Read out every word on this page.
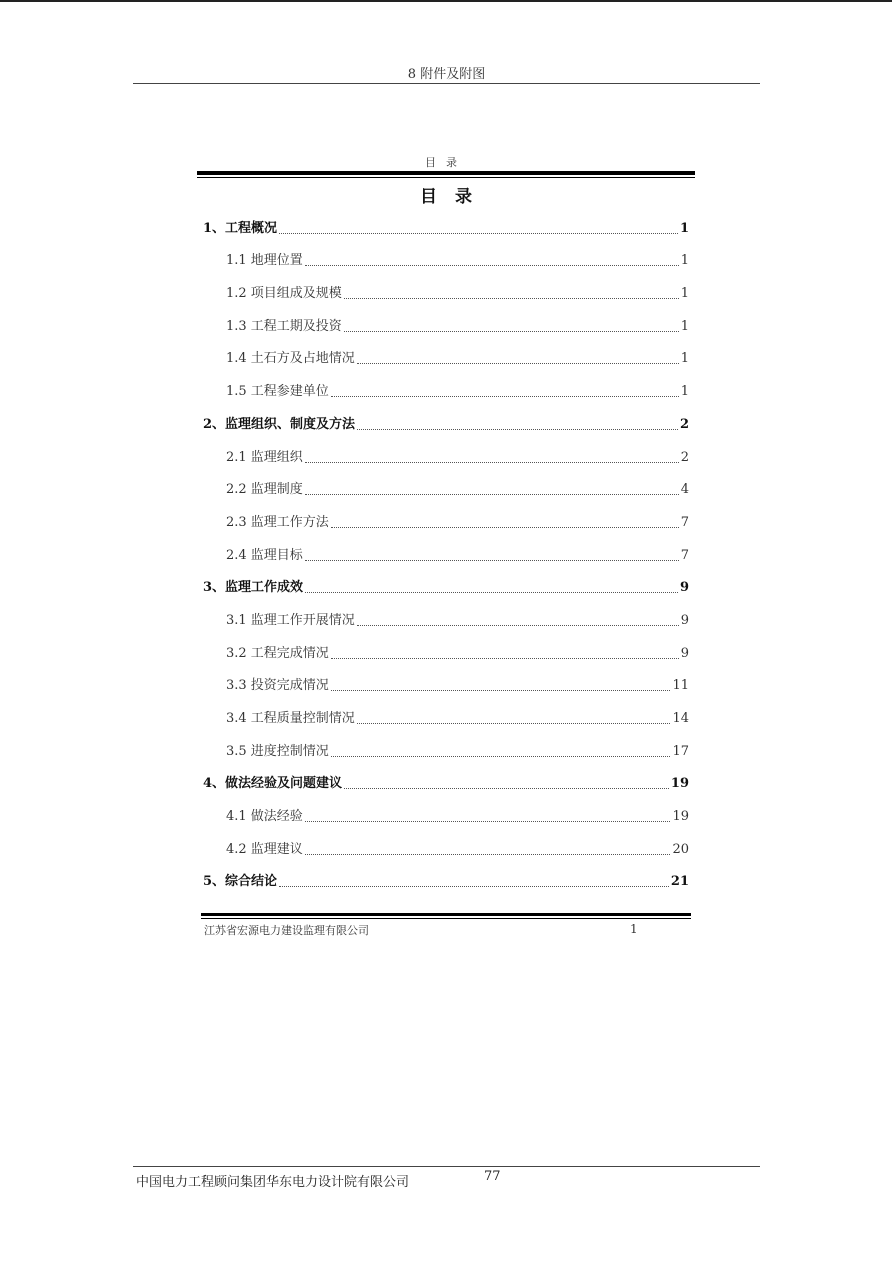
8 附件及附图
目录
目录
1、工程概况	1
1.1 地理位置	1
1.2 项目组成及规模	1
1.3 工程工期及投资	1
1.4 土石方及占地情况	1
1.5 工程参建单位	1
2、监理组织、制度及方法	2
2.1 监理组织	2
2.2 监理制度	4
2.3 监理工作方法	7
2.4 监理目标	7
3、监理工作成效	9
3.1 监理工作开展情况	9
3.2 工程完成情况	9
3.3 投资完成情况	11
3.4 工程质量控制情况	14
3.5 进度控制情况	17
4、做法经验及问题建议	19
4.1 做法经验	19
4.2 监理建议	20
5、综合结论	21
江苏省宏源电力建设监理有限公司	1
中国电力工程顾问集团华东电力设计院有限公司	77
